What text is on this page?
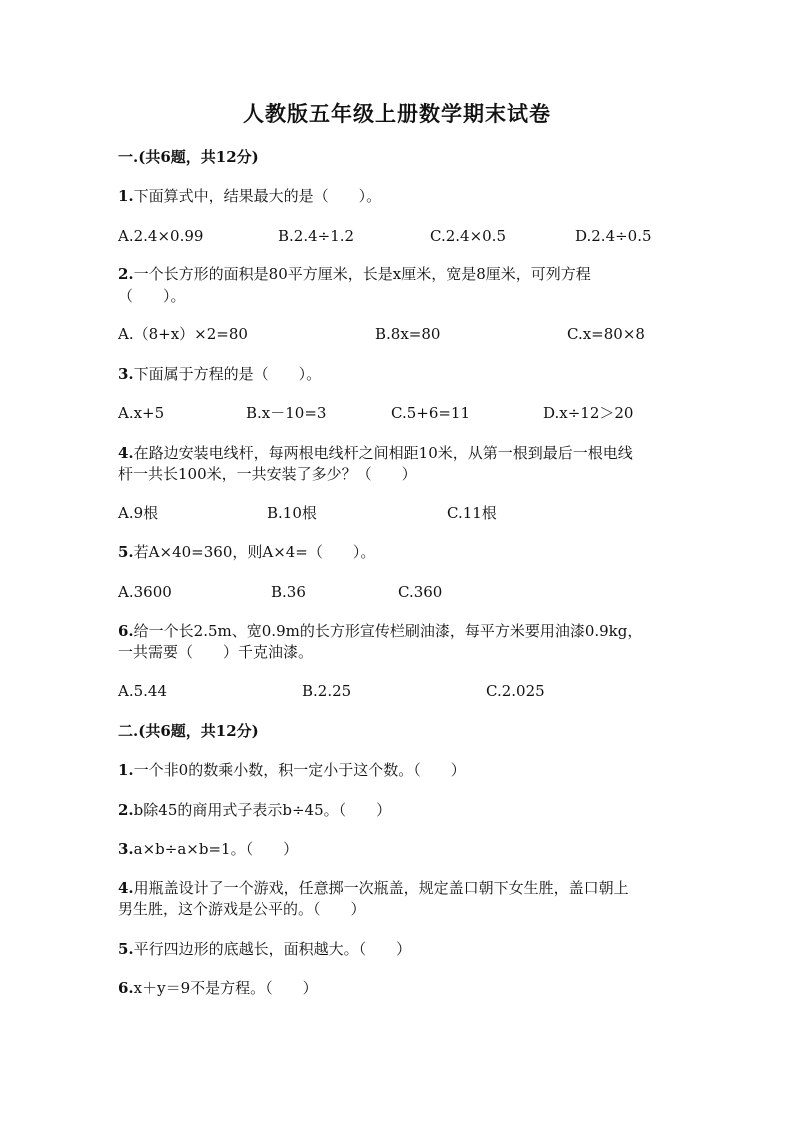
人教版五年级上册数学期末试卷
一.(共6题，共12分)
1.下面算式中，结果最大的是（　　）。
A.2.4×0.99	B.2.4÷1.2	C.2.4×0.5	D.2.4÷0.5
2.一个长方形的面积是80平方厘米，长是x厘米，宽是8厘米，可列方程
（　　）。
A.（8+x）×2=80	B.8x=80	C.x=80×8
3.下面属于方程的是（　　）。
A.x+5	B.x－10=3	C.5+6=11	D.x÷12＞20
4.在路边安装电线杆，每两根电线杆之间相距10米，从第一根到最后一根电线
杆一共长100米，一共安装了多少？（　　）
A.9根	B.10根	C.11根
5.若A×40=360，则A×4=（　　）。
A.3600	B.36	C.360
6.给一个长2.5m、宽0.9m的长方形宣传栏刷油漆，每平方米要用油漆0.9kg，
一共需要（　　）千克油漆。
A.5.44	B.2.25	C.2.025
二.(共6题，共12分)
1.一个非0的数乘小数，积一定小于这个数。（　　）
2.b除45的商用式子表示b÷45。（　　）
3.a×b÷a×b=1。（　　）
4.用瓶盖设计了一个游戏，任意掷一次瓶盖，规定盖口朝下女生胜，盖口朝上
男生胜，这个游戏是公平的。（　　）
5.平行四边形的底越长，面积越大。（　　）
6.x＋y＝9不是方程。（　　）
